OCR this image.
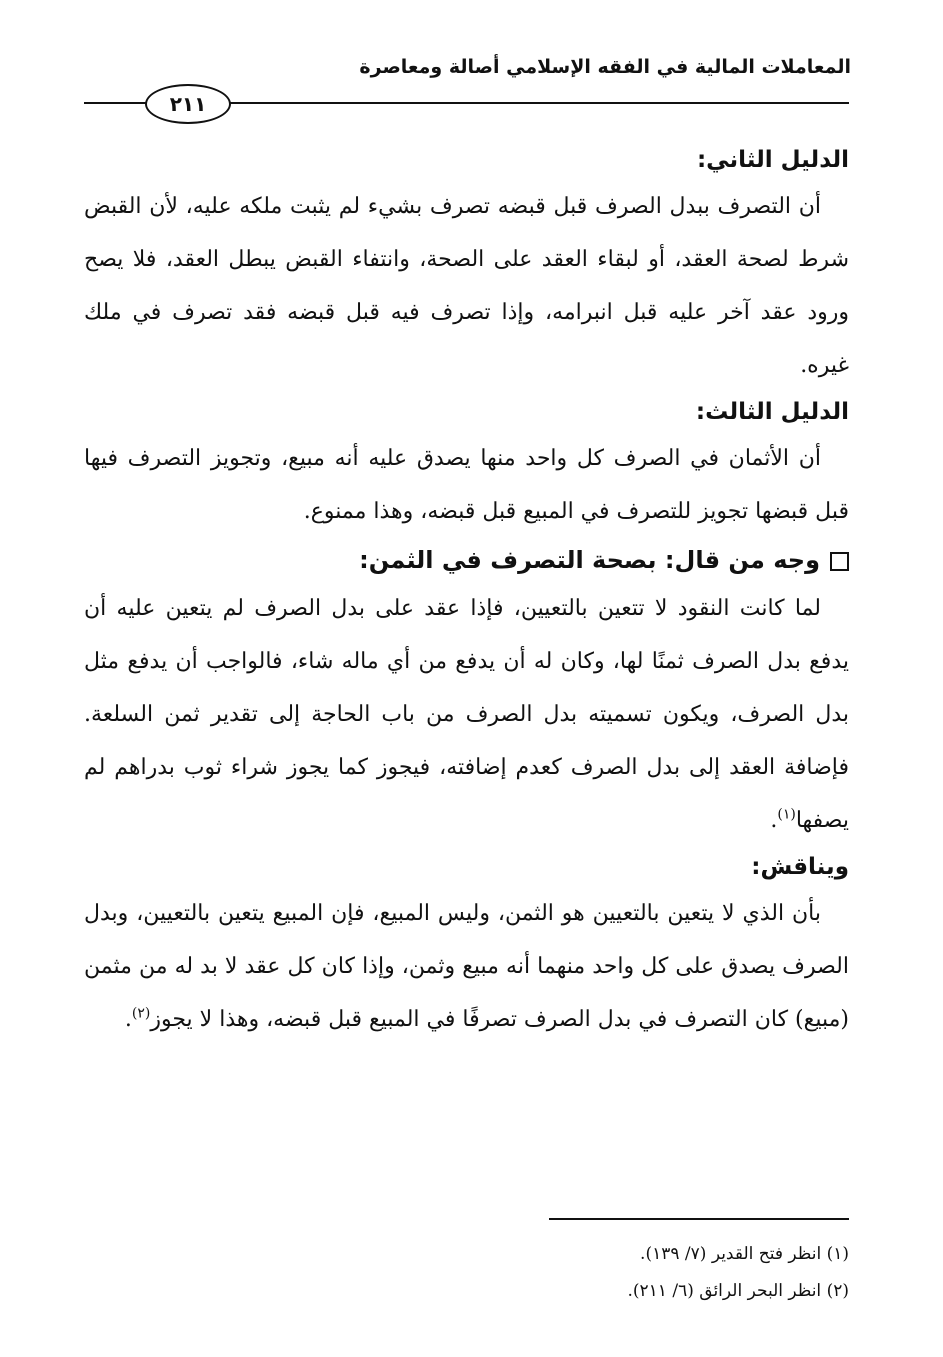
المعاملات المالية في الفقه الإسلامي أصالة ومعاصرة
٢١١

الدليل الثاني:

أن التصرف ببدل الصرف قبل قبضه تصرف بشيء لم يثبت ملكه عليه، لأن القبض شرط لصحة العقد، أو لبقاء العقد على الصحة، وانتفاء القبض يبطل العقد، فلا يصح ورود عقد آخر عليه قبل انبرامه، وإذا تصرف فيه قبل قبضه فقد تصرف في ملك غيره.

الدليل الثالث:

أن الأثمان في الصرف كل واحد منها يصدق عليه أنه مبيع، وتجويز التصرف فيها قبل قبضها تجويز للتصرف في المبيع قبل قبضه، وهذا ممنوع.

وجه من قال: بصحة التصرف في الثمن:

لما كانت النقود لا تتعين بالتعيين، فإذا عقد على بدل الصرف لم يتعين عليه أن يدفع بدل الصرف ثمنًا لها، وكان له أن يدفع من أي ماله شاء، فالواجب أن يدفع مثل بدل الصرف، ويكون تسميته بدل الصرف من باب الحاجة إلى تقدير ثمن السلعة. فإضافة العقد إلى بدل الصرف كعدم إضافته، فيجوز كما يجوز شراء ثوب بدراهم لم يصفها$^{(١)}$.

ويناقش:

بأن الذي لا يتعين بالتعيين هو الثمن، وليس المبيع، فإن المبيع يتعين بالتعيين، وبدل الصرف يصدق على كل واحد منهما أنه مبيع وثمن، وإذا كان كل عقد لا بد له من مثمن (مبيع) كان التصرف في بدل الصرف تصرفًا في المبيع قبل قبضه، وهذا لا يجوز$^{(٢)}$.

(١) انظر فتح القدير (٧/ ١٣٩).
(٢) انظر البحر الرائق (٦/ ٢١١).
